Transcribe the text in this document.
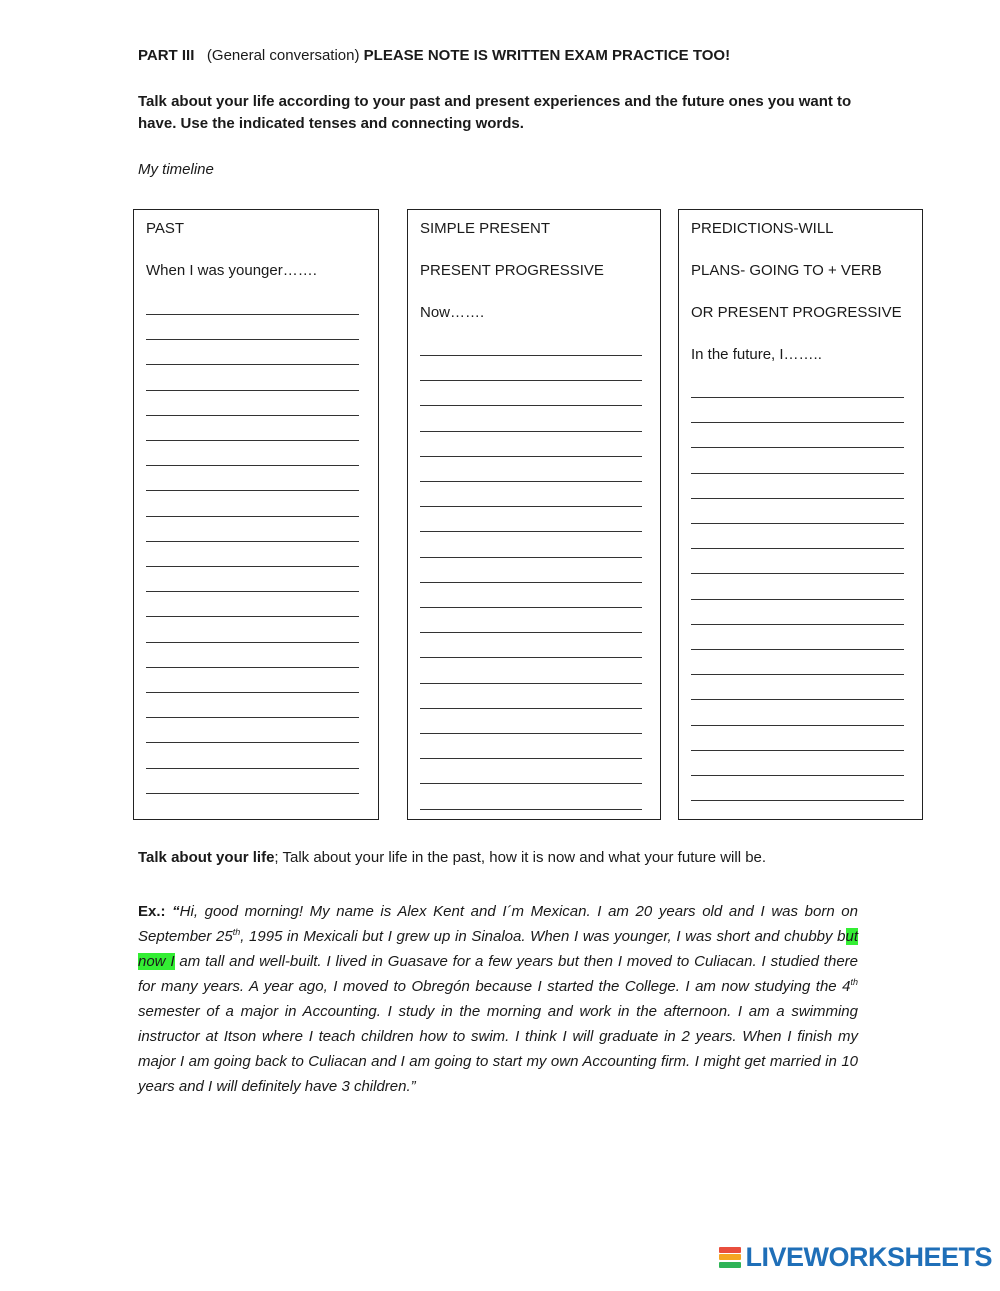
PART III (General conversation) PLEASE NOTE IS WRITTEN EXAM PRACTICE TOO!
Talk about your life according to your past and present experiences and the future ones you want to have. Use the indicated tenses and connecting words.
My timeline
PAST
When I was younger…….
SIMPLE PRESENT
PRESENT PROGRESSIVE
Now…….
PREDICTIONS-WILL
PLANS- GOING TO + VERB
OR PRESENT PROGRESSIVE
In the future, I……..
Talk about your life; Talk about your life in the past, how it is now and what your future will be.
Ex.: “Hi, good morning! My name is Alex Kent and I´m Mexican. I am 20 years old and I was born on September 25th, 1995 in Mexicali but I grew up in Sinaloa. When I was younger, I was short and chubby but now I am tall and well-built. I lived in Guasave for a few years but then I moved to Culiacan. I studied there for many years. A year ago, I moved to Obregón because I started the College. I am now studying the 4th semester of a major in Accounting. I study in the morning and work in the afternoon. I am a swimming instructor at Itson where I teach children how to swim. I think I will graduate in 2 years. When I finish my major I am going back to Culiacan and I am going to start my own Accounting firm. I might get married in 10 years and I will definitely have 3 children.”
LIVEWORKSHEETS
